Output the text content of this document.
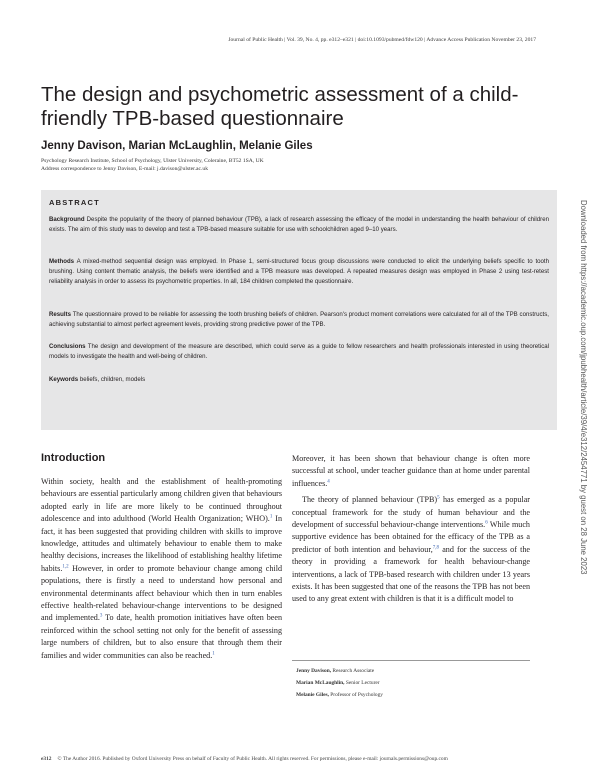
Journal of Public Health | Vol. 39, No. 4, pp. e312–e321 | doi:10.1093/pubmed/fdw120 | Advance Access Publication November 23, 2017
The design and psychometric assessment of a child-friendly TPB-based questionnaire
Jenny Davison, Marian McLaughlin, Melanie Giles
Psychology Research Institute, School of Psychology, Ulster University, Coleraine, BT52 1SA, UK
Address correspondence to Jenny Davison, E-mail: j.davison@ulster.ac.uk
ABSTRACT
Background Despite the popularity of the theory of planned behaviour (TPB), a lack of research assessing the efficacy of the model in understanding the health behaviour of children exists. The aim of this study was to develop and test a TPB-based measure suitable for use with schoolchildren aged 9–10 years.
Methods A mixed-method sequential design was employed. In Phase 1, semi-structured focus group discussions were conducted to elicit the underlying beliefs specific to tooth brushing. Using content thematic analysis, the beliefs were identified and a TPB measure was developed. A repeated measures design was employed in Phase 2 using test-retest reliability analysis in order to assess its psychometric properties. In all, 184 children completed the questionnaire.
Results The questionnaire proved to be reliable for assessing the tooth brushing beliefs of children. Pearson's product moment correlations were calculated for all of the TPB constructs, achieving substantial to almost perfect agreement levels, providing strong predictive power of the TPB.
Conclusions The design and development of the measure are described, which could serve as a guide to fellow researchers and health professionals interested in using theoretical models to investigate the health and well-being of children.
Keywords beliefs, children, models	Downloaded from https://academic.oup.com/jpubhealth/article/39/4/e312/2454771 by guest on 28 June 2023
Introduction

Within society, health and the establishment of health-promoting behaviours are essential particularly among children given that behaviours adopted early in life are more likely to be continued throughout adolescence and into adulthood (World Health Organization; WHO).$^1$ In fact, it has been suggested that providing children with skills to improve knowledge, attitudes and ultimately behaviour to enable them to make healthy decisions, increases the likelihood of establishing healthy lifetime habits.$^{1,2}$ However, in order to promote behaviour change among child populations, there is firstly a need to understand how personal and environmental determinants affect behaviour which then in turn enables effective health-related behaviour-change interventions to be designed and implemented.$^3$ To date, health promotion initiatives have often been reinforced within the school setting not only for the benefit of assessing large numbers of children, but to also ensure that through them their families and wider communities can also be reached.$^1$

Moreover, it has been shown that behaviour change is often more successful at school, under teacher guidance than at home under parental influences.$^4$

The theory of planned behaviour (TPB)$^5$ has emerged as a popular conceptual framework for the study of human behaviour and the development of successful behaviour-change interventions.$^6$ While much supportive evidence has been obtained for the efficacy of the TPB as a predictor of both intention and behaviour,$^{7,8}$ and for the success of the theory in providing a framework for health behaviour-change interventions, a lack of TPB-based research with children under 13 years exists. It has been suggested that one of the reasons the TPB has not been used to any great extent with children is that it is a difficult model to

Jenny Davison, Research Associate
Marian McLaughlin, Senior Lecturer
Melanie Giles, Professor of Psychology
e312 © The Author 2016. Published by Oxford University Press on behalf of Faculty of Public Health. All rights reserved. For permissions, please e-mail: journals.permissions@oup.com
